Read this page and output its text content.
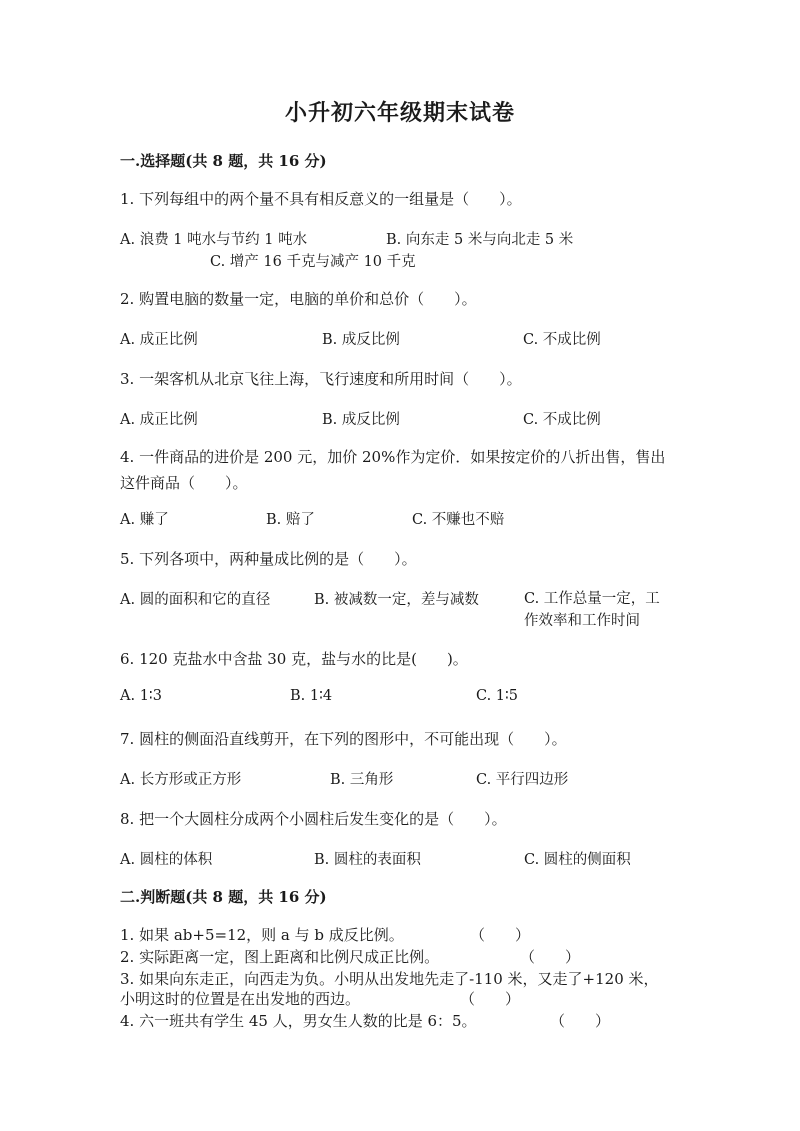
小升初六年级期末试卷
一.选择题(共 8 题，共 16 分)
1. 下列每组中的两个量不具有相反意义的一组量是（　　）。
A. 浪费 1 吨水与节约 1 吨水	B. 向东走 5 米与向北走 5 米
C. 增产 16 千克与减产 10 千克
2. 购置电脑的数量一定，电脑的单价和总价（　　）。
A. 成正比例	B. 成反比例	C. 不成比例
3. 一架客机从北京飞往上海，飞行速度和所用时间（　　）。
A. 成正比例	B. 成反比例	C. 不成比例
4. 一件商品的进价是 200 元，加价 20%作为定价．如果按定价的八折出售，售出这件商品（　　）。
A. 赚了	B. 赔了	C. 不赚也不赔
5. 下列各项中，两种量成比例的是（　　）。
A. 圆的面积和它的直径	B. 被减数一定，差与减数	C. 工作总量一定，工作效率和工作时间
6. 120 克盐水中含盐 30 克，盐与水的比是(　　)。
A. 1∶3	B. 1∶4	C. 1∶5
7. 圆柱的侧面沿直线剪开，在下列的图形中，不可能出现（　　）。
A. 长方形或正方形	B. 三角形	C. 平行四边形
8. 把一个大圆柱分成两个小圆柱后发生变化的是（　　）。
A. 圆柱的体积	B. 圆柱的表面积	C. 圆柱的侧面积
二.判断题(共 8 题，共 16 分)
1. 如果 ab+5=12，则 a 与 b 成反比例。	（　　）
2. 实际距离一定，图上距离和比例尺成正比例。	（　　）
3. 如果向东走正，向西走为负。小明从出发地先走了-110 米，又走了+120 米，
小明这时的位置是在出发地的西边。	（　　）
4. 六一班共有学生 45 人，男女生人数的比是 6：5。	（　　）
